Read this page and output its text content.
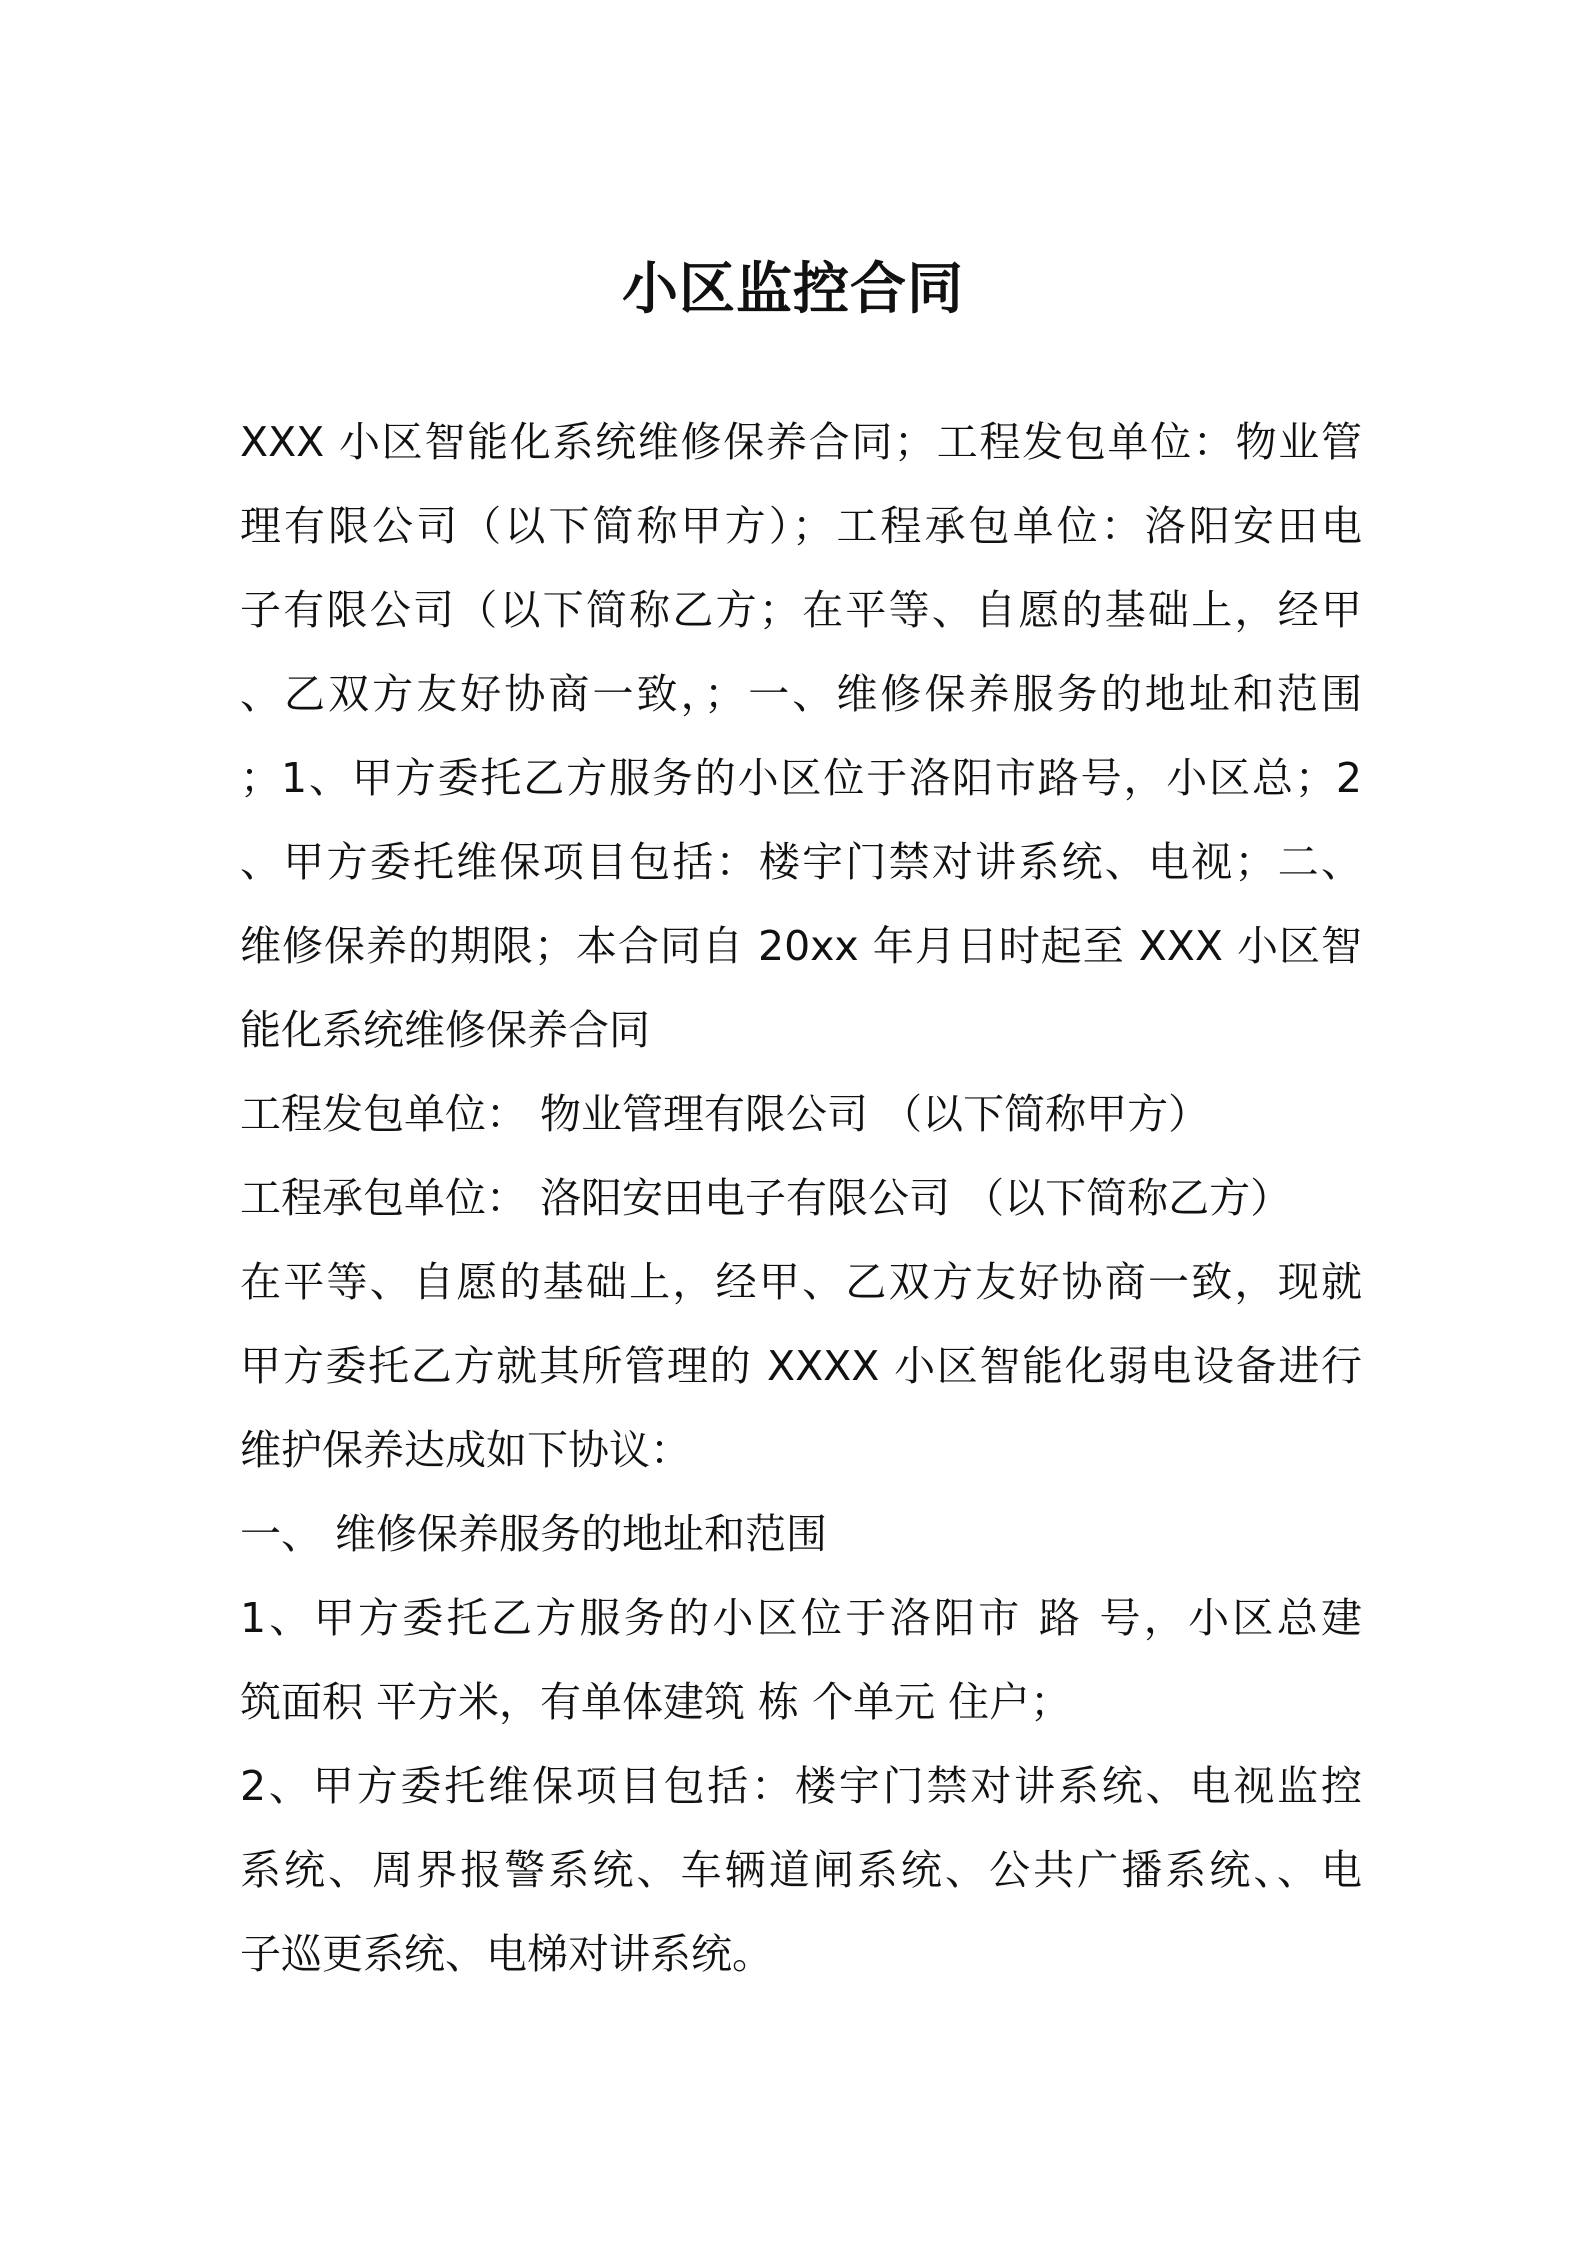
小区监控合同
XXX 小区智能化系统维修保养合同；工程发包单位：物业管
理有限公司（以下简称甲方）；工程承包单位：洛阳安田电
子有限公司（以下简称乙方；在平等、自愿的基础上，经甲
、乙双方友好协商一致，；一、维修保养服务的地址和范围
；1、甲方委托乙方服务的小区位于洛阳市路号，小区总；2
、甲方委托维保项目包括：楼宇门禁对讲系统、电视；二、
维修保养的期限；本合同自 20xx 年月日时起至 XXX 小区智
能化系统维修保养合同
工程发包单位： 物业管理有限公司 （以下简称甲方）
工程承包单位： 洛阳安田电子有限公司 （以下简称乙方）
在平等、自愿的基础上，经甲、乙双方友好协商一致，现就
甲方委托乙方就其所管理的 XXXX 小区智能化弱电设备进行
维护保养达成如下协议：
一、 维修保养服务的地址和范围
1、甲方委托乙方服务的小区位于洛阳市 路 号，小区总建
筑面积 平方米，有单体建筑 栋 个单元 住户；
2、甲方委托维保项目包括：楼宇门禁对讲系统、电视监控
系统、周界报警系统、车辆道闸系统、公共广播系统、、电
子巡更系统、电梯对讲系统。
